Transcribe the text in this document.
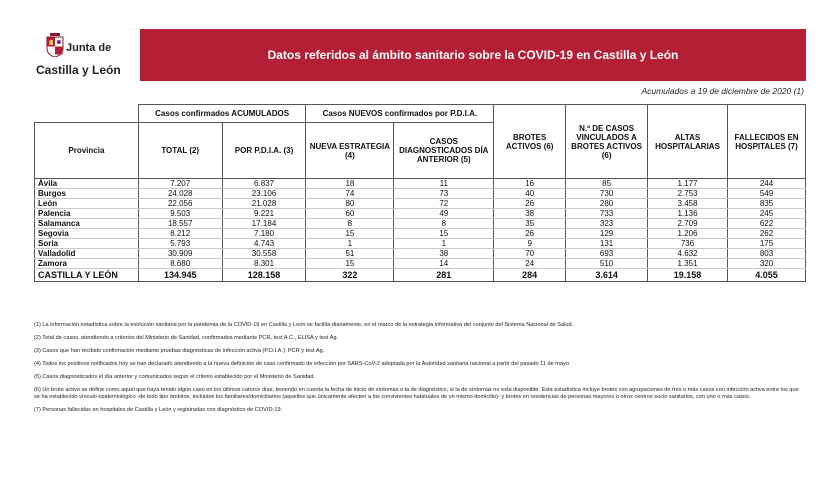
Junta de
Castilla y León
Datos referidos al ámbito sanitario sobre la COVID-19 en Castilla y León
Acumulados a 19 de diciembre de 2020 (1)
	Casos confirmados ACUMULADOS		Casos NUEVOS confirmados por P.D.I.A.		BROTES ACTIVOS (6)	N.º DE CASOS VINCULADOS A BROTES ACTIVOS (6)	ALTAS HOSPITALARIAS	FALLECIDOS EN HOSPITALES (7)
Provincia	TOTAL (2)	POR P.D.I.A. (3)	NUEVA ESTRATEGIA (4)	CASOS DIAGNOSTICADOS DÍA ANTERIOR (5)				
Ávila	7.207	6.837	18	11	16	85	1.177	244
Burgos	24.028	23.106	74	73	40	730	2.753	549
León	22.056	21.028	80	72	26	280	3.458	835
Palencia	9.503	9.221	60	49	38	733	1.136	245
Salamanca	18.557	17.184	8	8	35	323	2.709	622
Segovia	8.212	7.180	15	15	26	129	1.206	262
Soria	5.793	4.743	1	1	9	131	736	175
Valladolid	30.909	30.558	51	38	70	693	4.632	803
Zamora	8.680	8.301	15	14	24	510	1.351	320
CASTILLA Y LEÓN	134.945	128.158	322	281	284	3.614	19.158	4.055

(1) La información estadística sobre la evolución sanitaria por la pandemia de la COVID-19 en Castilla y León se facilita diariamente, en el marco de la estrategia informativa del conjunto del Sistema Nacional de Salud.

(2) Total de casos, atendiendo a criterios del Ministerio de Sanidad, confirmados mediante PCR, test A.C., ELISA y test Ag.

(3) Casos que han recibido confirmación mediante pruebas diagnósticas de infección activa (P.D.I.A.): PCR y test Ag.

(4) Todos los positivos notificados hoy se han declarado atendiendo a la nueva definición de caso confirmado de infección por SARS-CoV-2 adoptada por la Autoridad sanitaria nacional a partir del pasado 11 de mayo.

(5) Casos diagnosticados el día anterior y comunicados según el criterio establecido por el Ministerio de Sanidad.

(6) Un brote activo se define como aquel que haya tenido algún caso en los últimos catorce días, teniendo en cuenta la fecha de inicio de síntomas o la de diagnóstico, si la de síntomas no está disponible. Esta estadística incluye brotes con agrupaciones de tres o más casos con infección activa entre los que se ha establecido vínculo epidemiológico -de todo tipo ámbitos, incluidos los familiares/domiciliarios (aquellos que únicamente afecten a los convivientes habituales de un mismo domicilio)- y brotes en residencias de personas mayores u otros centros socio sanitarios, con uno o más casos.

(7) Personas fallecidas en hospitales de Castilla y León y registradas con diagnóstico de COVID-19.
